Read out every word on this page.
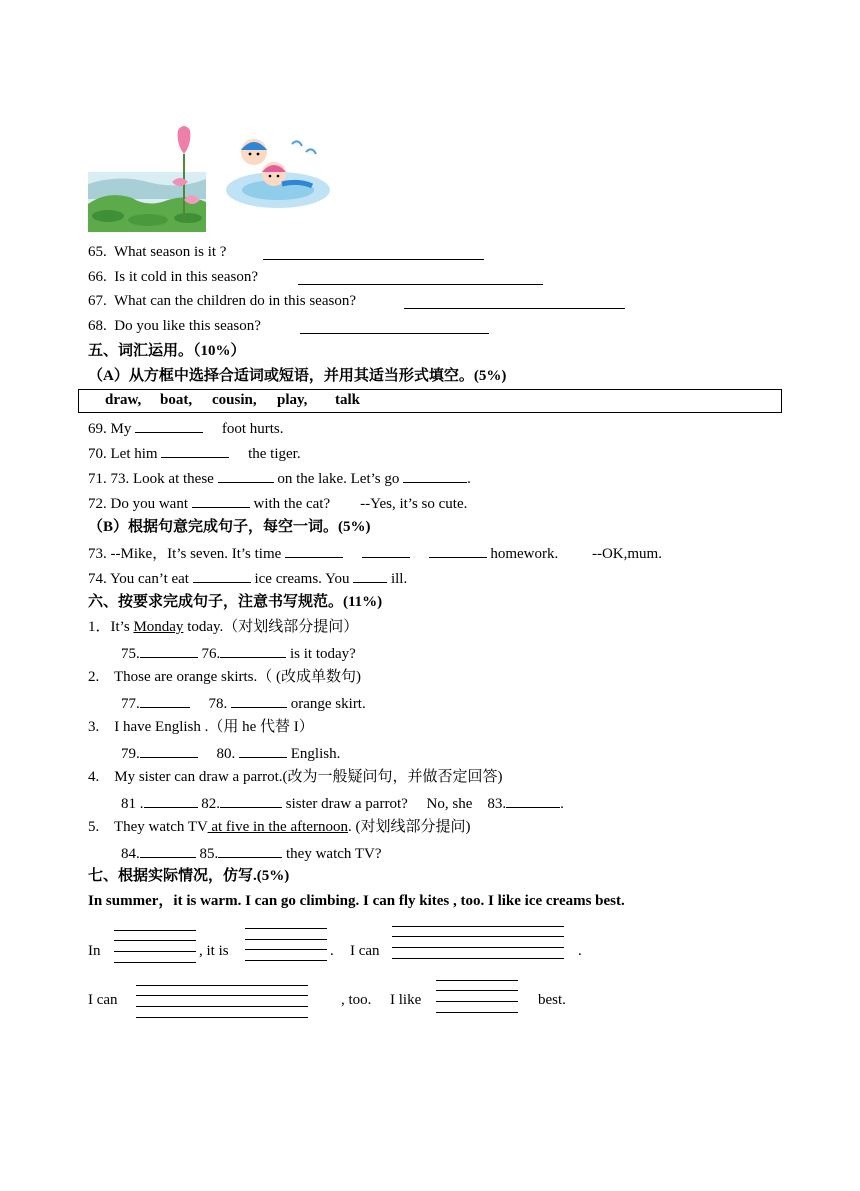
65. What season is it ?
66. Is it cold in this season?
67. What can the children do in this season?
68. Do you like this season?
五、词汇运用。（10%）
（A）从方框中选择合适词或短语，并用其适当形式填空。(5%)
draw, boat, cousin, play, talk
69. My	foot hurts.
70. Let him	the tiger.
71. 73. Look at these	on the lake. Let’s go	.
72. Do you want	with the cat? --Yes, it’s so cute.
（B）根据句意完成句子，每空一词。(5%)
73. --Mike，It’s seven. It’s time	homework. --OK,mum.
74. You can’t eat	ice creams. You	ill.
六、按要求完成句子，注意书写规范。(11%)
1．It’s Monday today.（对划线部分提问）
75.	76.	is it today?
2. Those are orange skirts.（ (改成单数句)
77.	78.	orange skirt.
3. I have English .（用 he 代替 I）
79.	80.	English.
4. My sister can draw a parrot.(改为一般疑问句，并做否定回答)
81 .	82.	sister draw a parrot? No, she 83.	.
5. They watch TV at five in the afternoon. (对划线部分提问)
84.	85.	they watch TV?
七、根据实际情况，仿写.(5%)
In summer，it is warm. I can go climbing. I can fly kites , too. I like ice creams best.
In	, it is	. I can	.
I can	, too. I like	best.
